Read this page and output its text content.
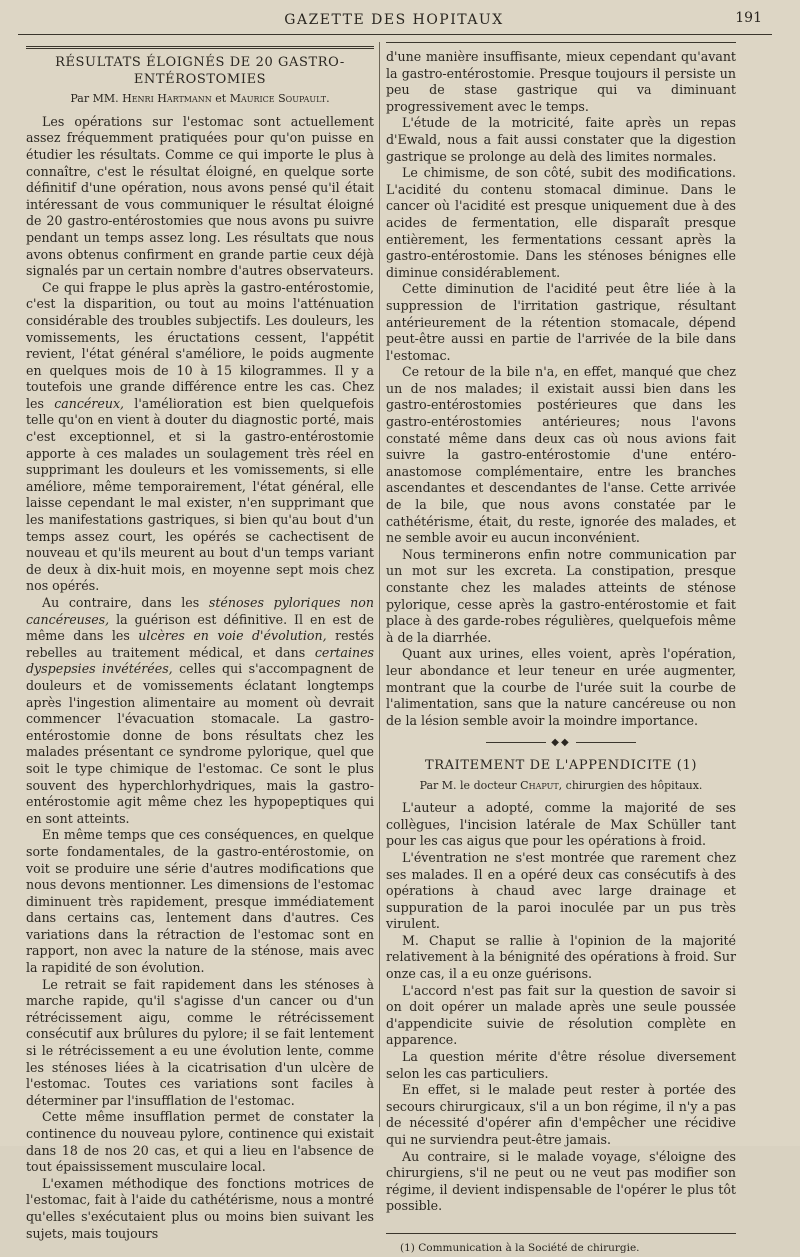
GAZETTE DES HOPITAUX	191
RÉSULTATS ÉLOIGNÉS DE 20 GASTRO-ENTÉROSTOMIES
Par MM. Henri Hartmann et Maurice Soupault.

Les opérations sur l'estomac sont actuellement assez fréquemment pratiquées pour qu'on puisse en étudier les résultats. Comme ce qui importe le plus à connaître, c'est le résultat éloigné, en quelque sorte définitif d'une opération, nous avons pensé qu'il était intéressant de vous communiquer le résultat éloigné de 20 gastro-entérostomies que nous avons pu suivre pendant un temps assez long. Les résultats que nous avons obtenus confirment en grande partie ceux déjà signalés par un certain nombre d'autres observateurs.

Ce qui frappe le plus après la gastro-entérostomie, c'est la disparition, ou tout au moins l'atténuation considérable des troubles subjectifs. Les douleurs, les vomissements, les éructations cessent, l'appétit revient, l'état général s'améliore, le poids augmente en quelques mois de 10 à 15 kilogrammes. Il y a toutefois une grande différence entre les cas. Chez les cancéreux, l'amélioration est bien quelquefois telle qu'on en vient à douter du diagnostic porté, mais c'est exceptionnel, et si la gastro-entérostomie apporte à ces malades un soulagement très réel en supprimant les douleurs et les vomissements, si elle améliore, même temporairement, l'état général, elle laisse cependant le mal exister, n'en supprimant que les manifestations gastriques, si bien qu'au bout d'un temps assez court, les opérés se cachectisent de nouveau et qu'ils meurent au bout d'un temps variant de deux à dix-huit mois, en moyenne sept mois chez nos opérés.

Au contraire, dans les sténoses pyloriques non cancéreuses, la guérison est définitive. Il en est de même dans les ulcères en voie d'évolution, restés rebelles au traitement médical, et dans certaines dyspepsies invétérées, celles qui s'accompagnent de douleurs et de vomissements éclatant longtemps après l'ingestion alimentaire au moment où devrait commencer l'évacuation stomacale. La gastro-entérostomie donne de bons résultats chez les malades présentant ce syndrome pylorique, quel que soit le type chimique de l'estomac. Ce sont le plus souvent des hyperchlorhydriques, mais la gastro-entérostomie agit même chez les hypopeptiques qui en sont atteints.

En même temps que ces conséquences, en quelque sorte fondamentales, de la gastro-entérostomie, on voit se produire une série d'autres modifications que nous devons mentionner. Les dimensions de l'estomac diminuent très rapidement, presque immédiatement dans certains cas, lentement dans d'autres. Ces variations dans la rétraction de l'estomac sont en rapport, non avec la nature de la sténose, mais avec la rapidité de son évolution.

Le retrait se fait rapidement dans les sténoses à marche rapide, qu'il s'agisse d'un cancer ou d'un rétrécissement aigu, comme le rétrécissement consécutif aux brûlures du pylore; il se fait lentement si le rétrécissement a eu une évolution lente, comme les sténoses liées à la cicatrisation d'un ulcère de l'estomac. Toutes ces variations sont faciles à déterminer par l'insufflation de l'estomac.

Cette même insufflation permet de constater la continence du nouveau pylore, continence qui existait dans 18 de nos 20 cas, et qui a lieu en l'absence de tout épaississement musculaire local.

L'examen méthodique des fonctions motrices de l'estomac, fait à l'aide du cathétérisme, nous a montré qu'elles s'exécutaient plus ou moins bien suivant les sujets, mais toujours

d'une manière insuffisante, mieux cependant qu'avant la gastro-entérostomie. Presque toujours il persiste un peu de stase gastrique qui va diminuant progressivement avec le temps.

L'étude de la motricité, faite après un repas d'Ewald, nous a fait aussi constater que la digestion gastrique se prolonge au delà des limites normales.

Le chimisme, de son côté, subit des modifications. L'acidité du contenu stomacal diminue. Dans le cancer où l'acidité est presque uniquement due à des acides de fermentation, elle disparaît presque entièrement, les fermentations cessant après la gastro-entérostomie. Dans les sténoses bénignes elle diminue considérablement.

Cette diminution de l'acidité peut être liée à la suppression de l'irritation gastrique, résultant antérieurement de la rétention stomacale, dépend peut-être aussi en partie de l'arrivée de la bile dans l'estomac.

Ce retour de la bile n'a, en effet, manqué que chez un de nos malades; il existait aussi bien dans les gastro-entérostomies postérieures que dans les gastro-entérostomies antérieures; nous l'avons constaté même dans deux cas où nous avions fait suivre la gastro-entérostomie d'une entéro-anastomose complémentaire, entre les branches ascendantes et descendantes de l'anse. Cette arrivée de la bile, que nous avons constatée par le cathétérisme, était, du reste, ignorée des malades, et ne semble avoir eu aucun inconvénient.

Nous terminerons enfin notre communication par un mot sur les excreta. La constipation, presque constante chez les malades atteints de sténose pylorique, cesse après la gastro-entérostomie et fait place à des garde-robes régulières, quelquefois même à de la diarrhée.

Quant aux urines, elles voient, après l'opération, leur abondance et leur teneur en urée augmenter, montrant que la courbe de l'urée suit la courbe de l'alimentation, sans que la nature cancéreuse ou non de la lésion semble avoir la moindre importance.

◆◆
TRAITEMENT DE L'APPENDICITE (1)
Par M. le docteur Chaput, chirurgien des hôpitaux.

L'auteur a adopté, comme la majorité de ses collègues, l'incision latérale de Max Schüller tant pour les cas aigus que pour les opérations à froid.

L'éventration ne s'est montrée que rarement chez ses malades. Il en a opéré deux cas consécutifs à des opérations à chaud avec large drainage et suppuration de la paroi inoculée par un pus très virulent.

M. Chaput se rallie à l'opinion de la majorité relativement à la bénignité des opérations à froid. Sur onze cas, il a eu onze guérisons.

L'accord n'est pas fait sur la question de savoir si on doit opérer un malade après une seule poussée d'appendicite suivie de résolution complète en apparence.

La question mérite d'être résolue diversement selon les cas particuliers.

En effet, si le malade peut rester à portée des secours chirurgicaux, s'il a un bon régime, il n'y a pas de nécessité d'opérer afin d'empêcher une récidive qui ne surviendra peut-être jamais.

Au contraire, si le malade voyage, s'éloigne des chirurgiens, s'il ne peut ou ne veut pas modifier son régime, il devient indispensable de l'opérer le plus tôt possible.

(1) Communication à la Société de chirurgie.
